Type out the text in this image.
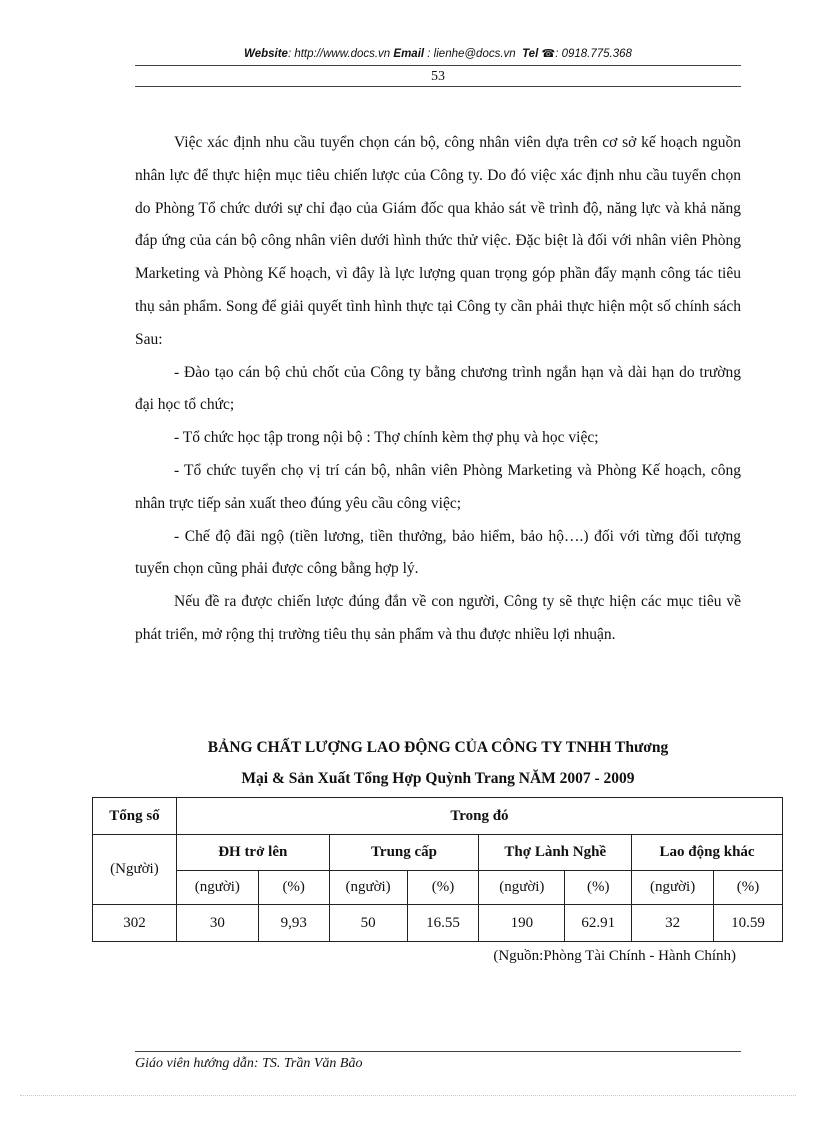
Website: http://www.docs.vn Email : lienhe@docs.vn Tel ☎: 0918.775.368
53

Việc xác định nhu cầu tuyển chọn cán bộ, công nhân viên dựa trên cơ sở kế hoạch nguồn nhân lực để thực hiện mục tiêu chiến lược của Công ty. Do đó việc xác định nhu cầu tuyển chọn do Phòng Tổ chức dưới sự chỉ đạo của Giám đốc qua khảo sát về trình độ, năng lực và khả năng đáp ứng của cán bộ công nhân viên dưới hình thức thử việc. Đặc biệt là đối với nhân viên Phòng Marketing và Phòng Kế hoạch, vì đây là lực lượng quan trọng góp phần đẩy mạnh công tác tiêu thụ sản phẩm. Song để giải quyết tình hình thực tại Công ty cần phải thực hiện một số chính sách Sau:

- Đào tạo cán bộ chủ chốt của Công ty bằng chương trình ngắn hạn và dài hạn do trường đại học tổ chức;

- Tổ chức học tập trong nội bộ : Thợ chính kèm thợ phụ và học việc;

- Tổ chức tuyển chọ vị trí cán bộ, nhân viên Phòng Marketing và Phòng Kế hoạch, công nhân trực tiếp sản xuất theo đúng yêu cầu công việc;

- Chế độ đãi ngộ (tiền lương, tiền thưởng, bảo hiểm, bảo hộ….) đối với từng đối tượng tuyển chọn cũng phải được công bằng hợp lý.

Nếu đề ra được chiến lược đúng đắn về con người, Công ty sẽ thực hiện các mục tiêu về phát triển, mở rộng thị trường tiêu thụ sản phẩm và thu được nhiều lợi nhuận.

BẢNG CHẤT LƯỢNG LAO ĐỘNG CỦA CÔNG TY TNHH Thương
Mại & Sản Xuất Tổng Hợp Quỳnh Trang NĂM 2007 - 2009
Tổng số	Trong đó							
(Người)	ĐH trở lên		Trung cấp		Thợ Lành Nghề		Lao động khác	
	(người)	(%)	(người)	(%)	(người)	(%)	(người)	(%)
302	30	9,93	50	16.55	190	62.91	32	10.59
(Nguồn:Phòng Tài Chính - Hành Chính)
Giáo viên hướng dẫn: TS. Trần Văn Bão
